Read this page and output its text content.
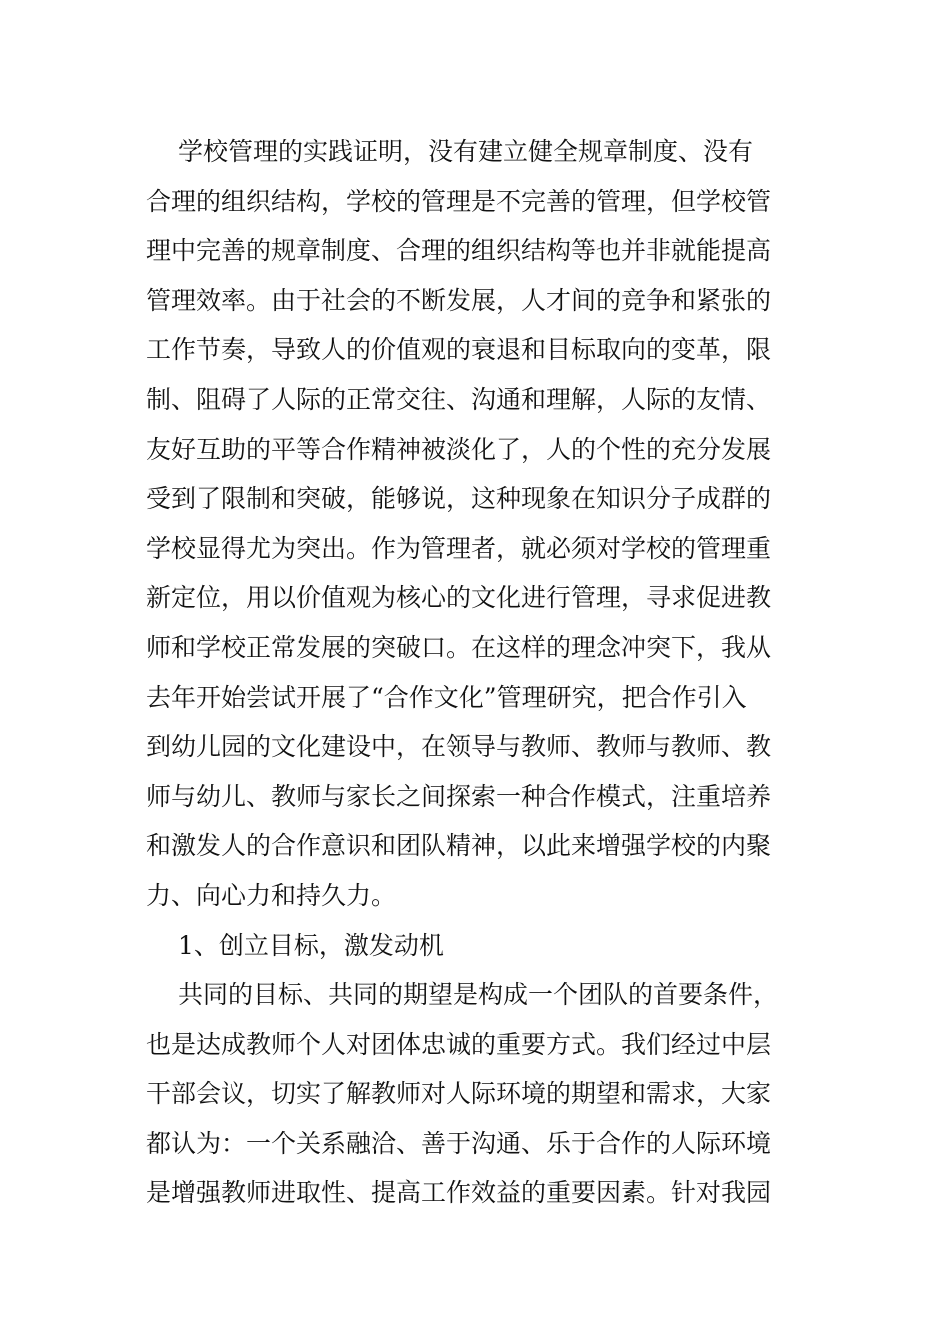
学校管理的实践证明，没有建立健全规章制度、没有
合理的组织结构，学校的管理是不完善的管理，但学校管
理中完善的规章制度、合理的组织结构等也并非就能提高
管理效率。由于社会的不断发展，人才间的竞争和紧张的
工作节奏，导致人的价值观的衰退和目标取向的变革，限
制、阻碍了人际的正常交往、沟通和理解，人际的友情、
友好互助的平等合作精神被淡化了，人的个性的充分发展
受到了限制和突破，能够说，这种现象在知识分子成群的
学校显得尤为突出。作为管理者，就必须对学校的管理重
新定位，用以价值观为核心的文化进行管理，寻求促进教
师和学校正常发展的突破口。在这样的理念冲突下，我从
去年开始尝试开展了“合作文化”管理研究，把合作引入
到幼儿园的文化建设中，在领导与教师、教师与教师、教
师与幼儿、教师与家长之间探索一种合作模式，注重培养
和激发人的合作意识和团队精神，以此来增强学校的内聚
力、向心力和持久力。
1、创立目标，激发动机
共同的目标、共同的期望是构成一个团队的首要条件，
也是达成教师个人对团体忠诚的重要方式。我们经过中层
干部会议，切实了解教师对人际环境的期望和需求，大家
都认为：一个关系融洽、善于沟通、乐于合作的人际环境
是增强教师进取性、提高工作效益的重要因素。针对我园
